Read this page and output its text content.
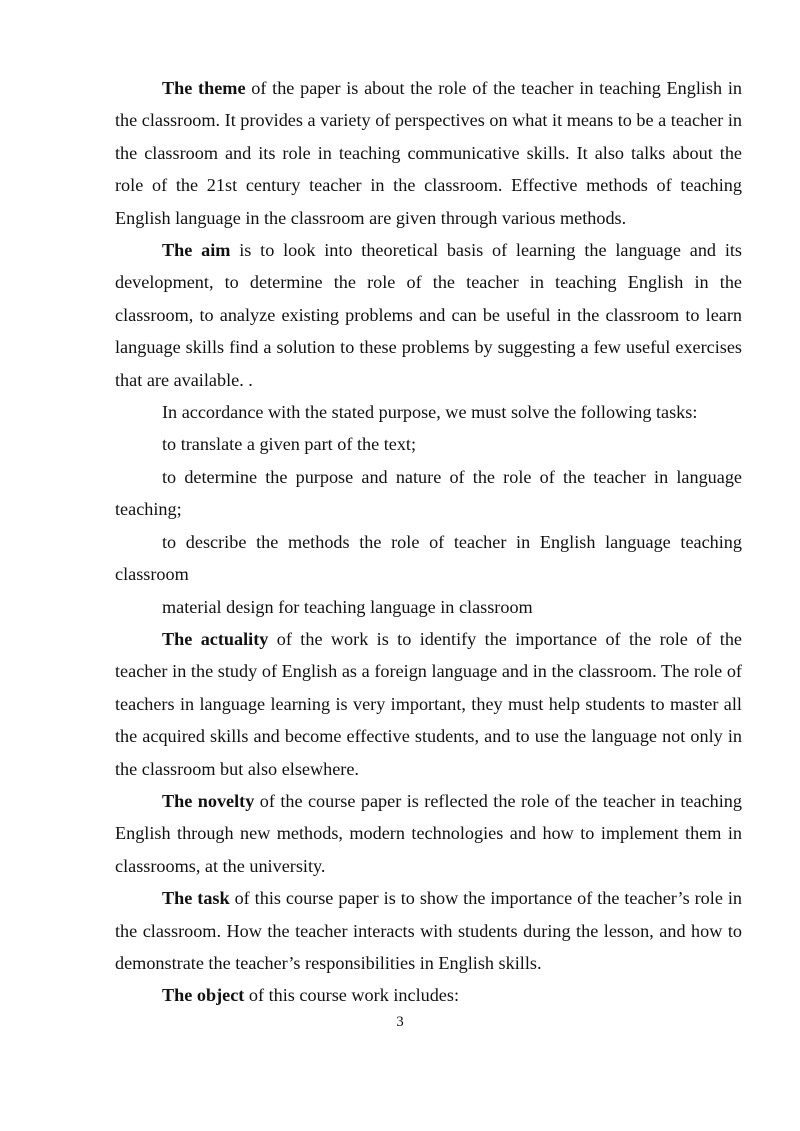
The theme of the paper is about the role of the teacher in teaching English in the classroom. It provides a variety of perspectives on what it means to be a teacher in the classroom and its role in teaching communicative skills. It also talks about the role of the 21st century teacher in the classroom. Effective methods of teaching English language in the classroom are given through various methods.

The aim is to look into theoretical basis of learning the language and its development, to determine the role of the teacher in teaching English in the classroom, to analyze existing problems and can be useful in the classroom to learn language skills find a solution to these problems by suggesting a few useful exercises that are available. .

In accordance with the stated purpose, we must solve the following tasks:

to translate a given part of the text;

to determine the purpose and nature of the role of the teacher in language teaching;

to describe the methods the role of teacher in English language teaching classroom

material design for teaching language in classroom

The actuality of the work is to identify the importance of the role of the teacher in the study of English as a foreign language and in the classroom. The role of teachers in language learning is very important, they must help students to master all the acquired skills and become effective students, and to use the language not only in the classroom but also elsewhere.

The novelty of the course paper is reflected the role of the teacher in teaching English through new methods, modern technologies and how to implement them in classrooms, at the university.

The task of this course paper is to show the importance of the teacher’s role in the classroom. How the teacher interacts with students during the lesson, and how to demonstrate the teacher’s responsibilities in English skills.

The object of this course work includes:

3
